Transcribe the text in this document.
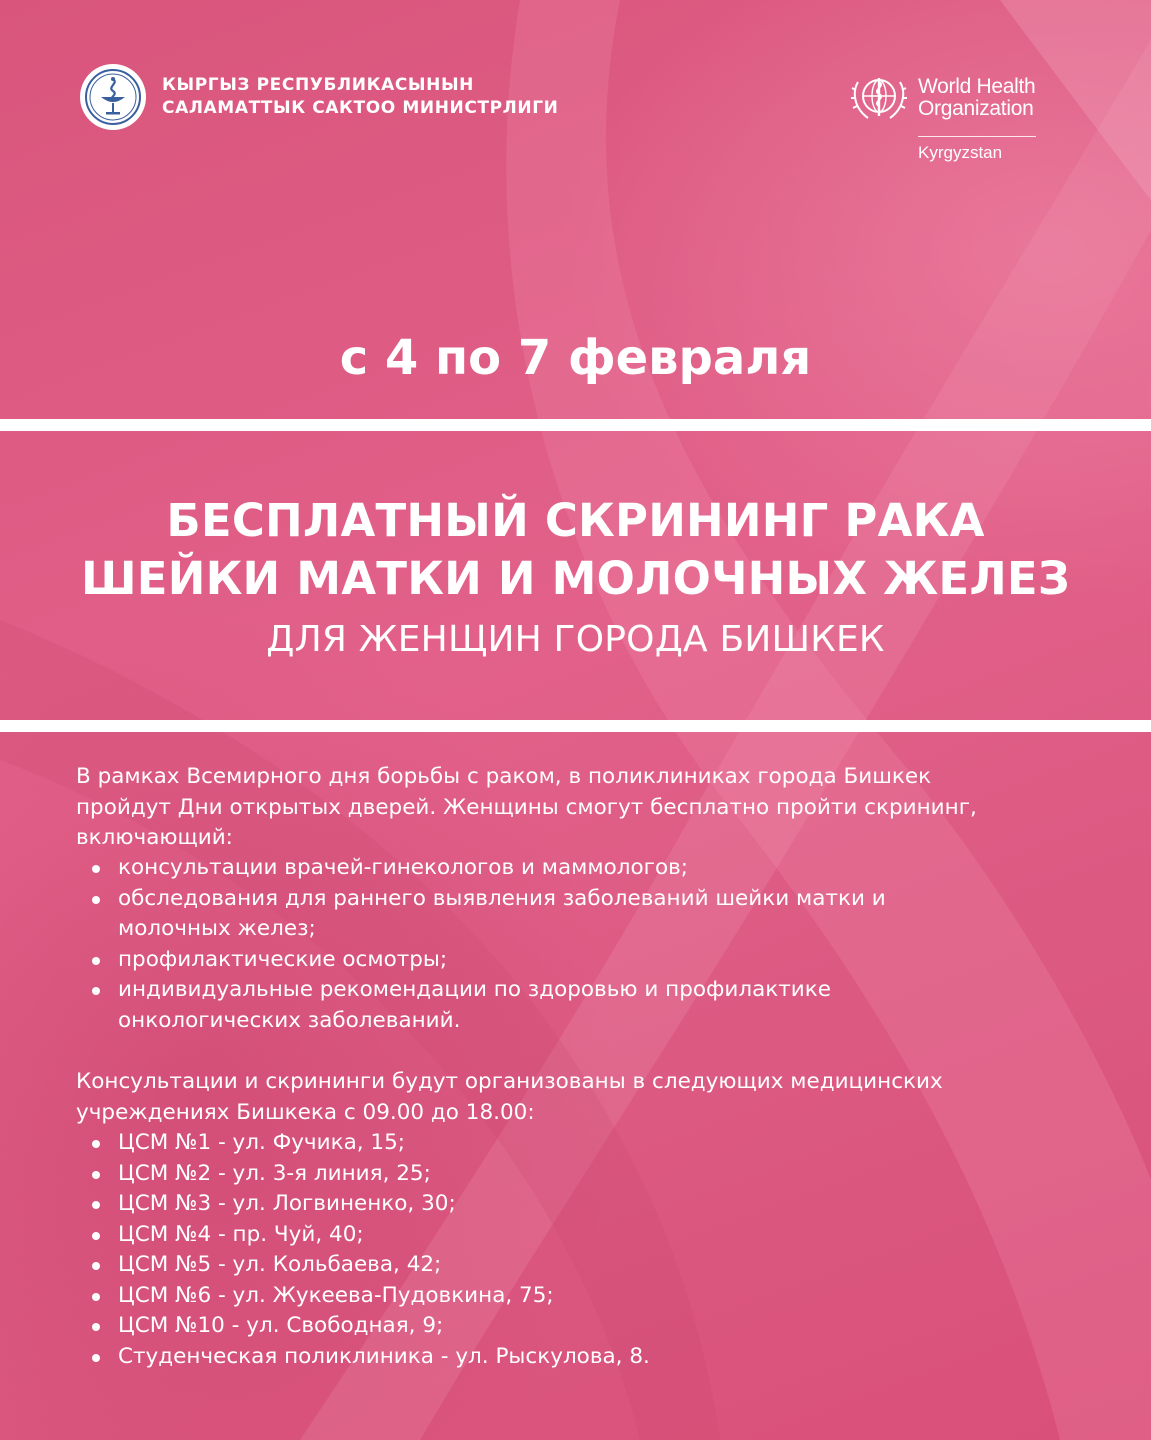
КЫРГЫЗ РЕСПУБЛИКАСЫНЫН
САЛАМАТТЫК САКТОО МИНИСТРЛИГИ
World Health
Organization
Kyrgyzstan
с 4 по 7 февраля
БЕСПЛАТНЫЙ СКРИНИНГ РАКА
ШЕЙКИ МАТКИ И МОЛОЧНЫХ ЖЕЛЕЗ
ДЛЯ ЖЕНЩИН ГОРОДА БИШКЕК
В рамках Всемирного дня борьбы с раком, в поликлиниках города Бишкек
пройдут Дни открытых дверей. Женщины смогут бесплатно пройти скрининг,
включающий:
консультации врачей-гинекологов и маммологов;
обследования для раннего выявления заболеваний шейки матки и
молочных желез;
профилактические осмотры;
индивидуальные рекомендации по здоровью и профилактике
онкологических заболеваний.
Консультации и скрининги будут организованы в следующих медицинских
учреждениях Бишкека с 09.00 до 18.00:
ЦСМ №1 - ул. Фучика, 15;
ЦСМ №2 - ул. 3-я линия, 25;
ЦСМ №3 - ул. Логвиненко, 30;
ЦСМ №4 - пр. Чуй, 40;
ЦСМ №5 - ул. Кольбаева, 42;
ЦСМ №6 - ул. Жукеева-Пудовкина, 75;
ЦСМ №10 - ул. Свободная, 9;
Студенческая поликлиника - ул. Рыскулова, 8.
